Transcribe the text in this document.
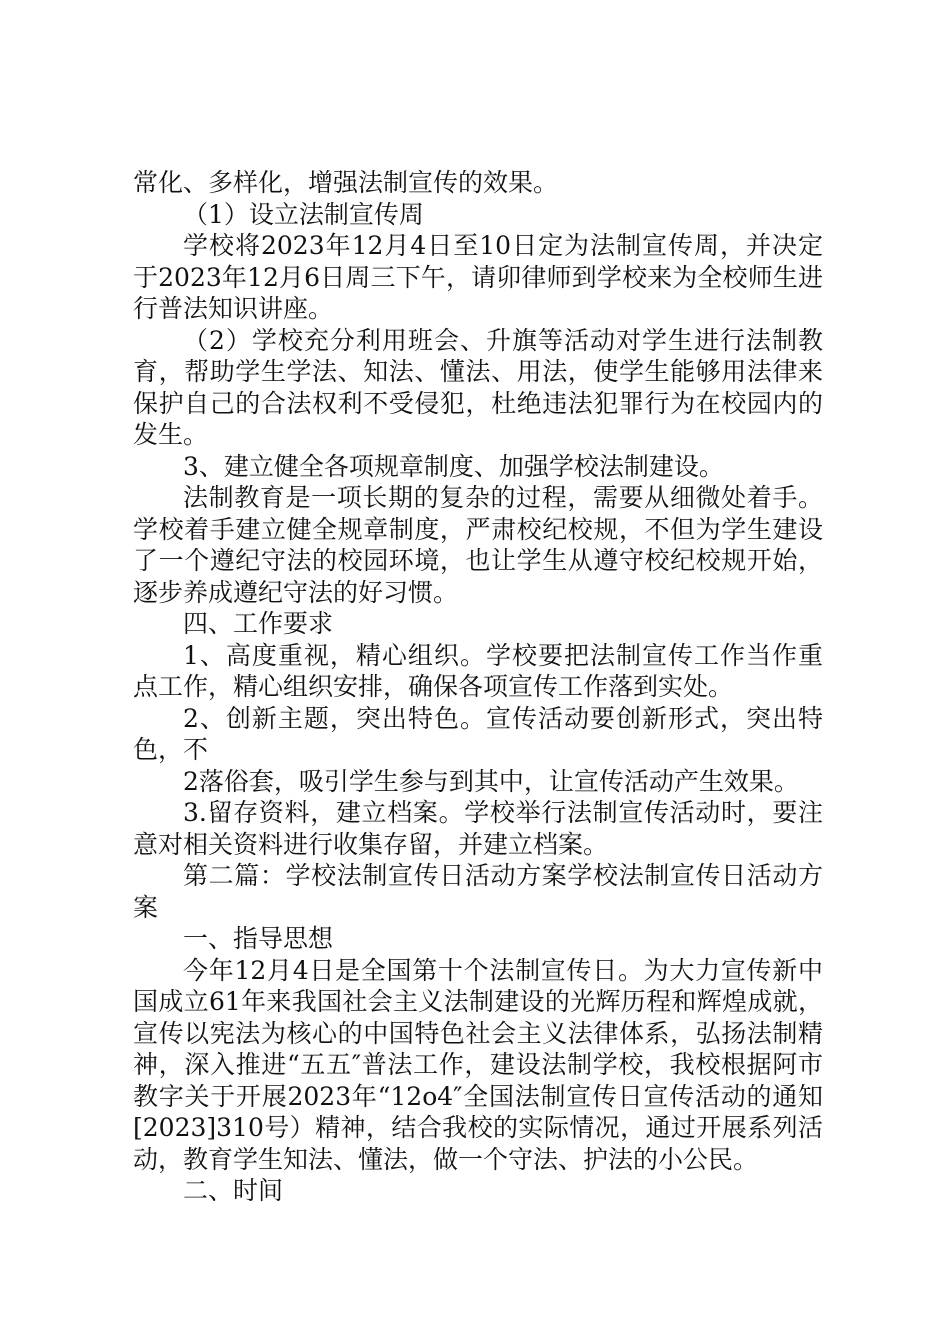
常化、多样化，增强法制宣传的效果。

（1）设立法制宣传周

学校将2023年12月4日至10日定为法制宣传周，并决定于2023年12月6日周三下午，请卯律师到学校来为全校师生进行普法知识讲座。

（2）学校充分利用班会、升旗等活动对学生进行法制教育，帮助学生学法、知法、懂法、用法，使学生能够用法律来保护自己的合法权利不受侵犯，杜绝违法犯罪行为在校园内的发生。

3、建立健全各项规章制度、加强学校法制建设。

法制教育是一项长期的复杂的过程，需要从细微处着手。学校着手建立健全规章制度，严肃校纪校规，不但为学生建设了一个遵纪守法的校园环境，也让学生从遵守校纪校规开始，逐步养成遵纪守法的好习惯。

四、工作要求

1、高度重视，精心组织。学校要把法制宣传工作当作重点工作，精心组织安排，确保各项宣传工作落到实处。

2、创新主题，突出特色。宣传活动要创新形式，突出特色，不

2落俗套，吸引学生参与到其中，让宣传活动产生效果。

3.留存资料，建立档案。学校举行法制宣传活动时，要注意对相关资料进行收集存留，并建立档案。

第二篇：学校法制宣传日活动方案学校法制宣传日活动方案

一、指导思想

今年12月4日是全国第十个法制宣传日。为大力宣传新中国成立61年来我国社会主义法制建设的光辉历程和辉煌成就，宣传以宪法为核心的中国特色社会主义法律体系，弘扬法制精神，深入推进“五五″普法工作，建设法制学校，我校根据阿市教字关于开展2023年“12o4″全国法制宣传日宣传活动的通知[2023]310号）精神，结合我校的实际情况，通过开展系列活动，教育学生知法、懂法，做一个守法、护法的小公民。

二、时间
